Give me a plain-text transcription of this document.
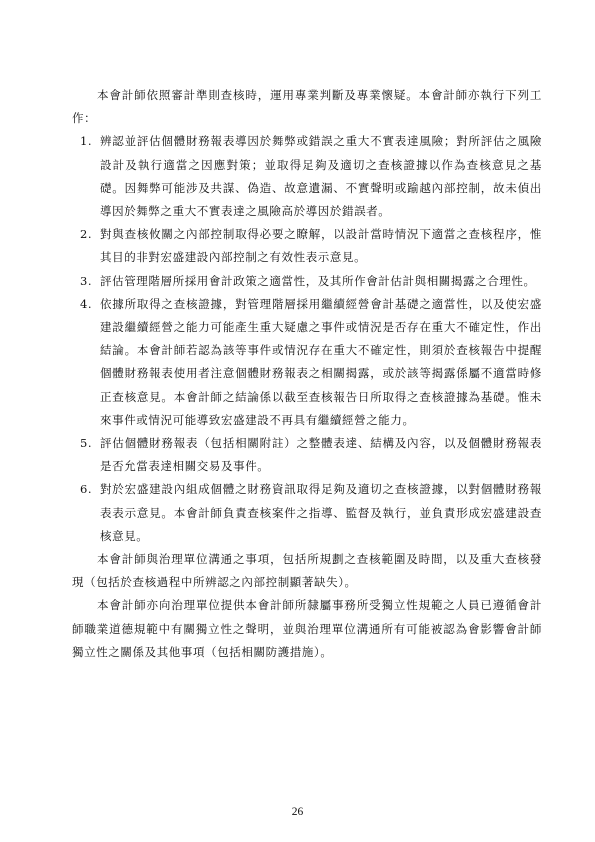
本會計師依照審計準則查核時，運用專業判斷及專業懷疑。本會計師亦執行下列工作：

1. 辨認並評估個體財務報表導因於舞弊或錯誤之重大不實表達風險；對所評估之風險設計及執行適當之因應對策；並取得足夠及適切之查核證據以作為查核意見之基礎。因舞弊可能涉及共謀、偽造、故意遺漏、不實聲明或踰越內部控制，故未偵出導因於舞弊之重大不實表達之風險高於導因於錯誤者。
2. 對與查核攸關之內部控制取得必要之瞭解，以設計當時情況下適當之查核程序，惟其目的非對宏盛建設內部控制之有效性表示意見。
3. 評估管理階層所採用會計政策之適當性，及其所作會計估計與相關揭露之合理性。
4. 依據所取得之查核證據，對管理階層採用繼續經營會計基礎之適當性，以及使宏盛建設繼續經營之能力可能產生重大疑慮之事件或情況是否存在重大不確定性，作出結論。本會計師若認為該等事件或情況存在重大不確定性，則須於查核報告中提醒個體財務報表使用者注意個體財務報表之相關揭露，或於該等揭露係屬不適當時修正查核意見。本會計師之結論係以截至查核報告日所取得之查核證據為基礎。惟未來事件或情況可能導致宏盛建設不再具有繼續經營之能力。
5. 評估個體財務報表（包括相關附註）之整體表達、結構及內容，以及個體財務報表是否允當表達相關交易及事件。
6. 對於宏盛建設內組成個體之財務資訊取得足夠及適切之查核證據，以對個體財務報表表示意見。本會計師負責查核案件之指導、監督及執行，並負責形成宏盛建設查核意見。

本會計師與治理單位溝通之事項，包括所規劃之查核範圍及時間，以及重大查核發現（包括於查核過程中所辨認之內部控制顯著缺失）。

本會計師亦向治理單位提供本會計師所隸屬事務所受獨立性規範之人員已遵循會計師職業道德規範中有關獨立性之聲明，並與治理單位溝通所有可能被認為會影響會計師獨立性之關係及其他事項（包括相關防護措施）。

26
